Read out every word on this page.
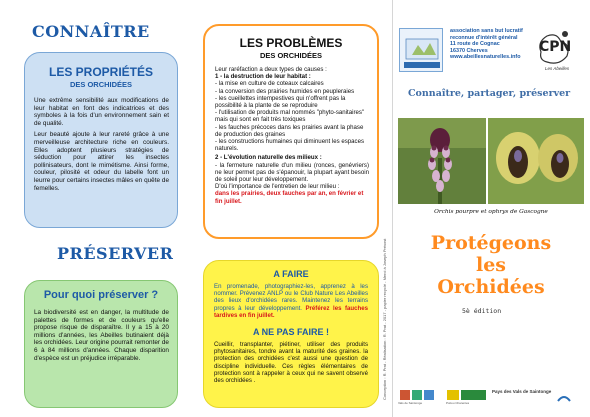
CONNAÎTRE
LES PROPRIÉTÉS
DES ORCHIDÉES

Une extrême sensibilité aux modifications de leur habitat en font des indicatrices et des symboles à la fois d'un environnement sain et de qualité.

Leur beauté ajoute à leur rareté grâce à une merveilleuse architecture riche en couleurs. Elles adoptent plusieurs stratégies de séduction pour attirer les insectes pollinisateurs, dont le mimétisme. Ainsi forme, couleur, pilosité et odeur du labelle font un leurre pour certains insectes mâles en quête de femelles.

PRÉSERVER
Pour quoi préserver ?

La biodiversité est en danger, la multitude de palettes de formes et de couleurs qu'elle propose risque de disparaître. Il y a 15 à 20 millions d'années, les Abeilles butinaient déjà les orchidées. Leur origine pourrait remonter de 6 à 84 millions d'années. Chaque disparition d'espèce est un préjudice irréparable.

LES PROBLÈMES
DES ORCHIDÉES
Leur raréfaction a deux types de causes :
1 - la destruction de leur habitat :
- la mise en culture de coteaux calcaires
- la conversion des prairies humides en peupleraies
- les cueillettes intempestives qui n'offrent pas la possibilité à la plante de se reproduire
- l'utilisation de produits mal nommés "phyto-sanitaires" mais qui sont en fait très toxiques
- les fauches précoces dans les prairies avant la phase de production des graines
- les constructions humaines qui diminuent les espaces naturels.
2 - L'évolution naturelle des milieux :
- la fermeture naturelle d'un milieu (ronces, genévriers) ne leur permet pas de s'épanouir, la plupart ayant besoin de soleil pour leur développement.
D'où l'importance de l'entretien de leur milieu :
dans les prairies, deux fauches par an, en février et fin juillet.
A FAIRE
En promenade, photographiez-les, apprenez à les nommer. Prévenez ANLP ou le Club Nature Les Abeilles des lieux d'orchidées rares. Maintenez les terrains propres à leur développement. Préférez les fauches tardives en fin juillet.
A NE PAS FAIRE !
Cueillir, transplanter, piétiner, utiliser des produits phytosanitaires, tondre avant la maturité des graines. la protection des orchidées c'est aussi une question de discipline individuelle. Ces règles élémentaires de protection sont à rappeler à ceux qui ne savent observé des orchidées .	Conception : R. Prat - Réalisation : R. Prat - 2017 - papier recyclé - Merci à Joseph Prévost
association sans but lucratif
reconnue d'intérêt général
11 route de Cognac
16370 Cherves
www.abeillesnaturelles.info
CPN
Les Abeilles
Connaître, partager, préserver
Orchis pourpre et ophrys de Gascogne
Protégeons
les
Orchidées
5è édition
Vals de Saintonge	Poitou Charentes
Pays des Vals de Saintonge
